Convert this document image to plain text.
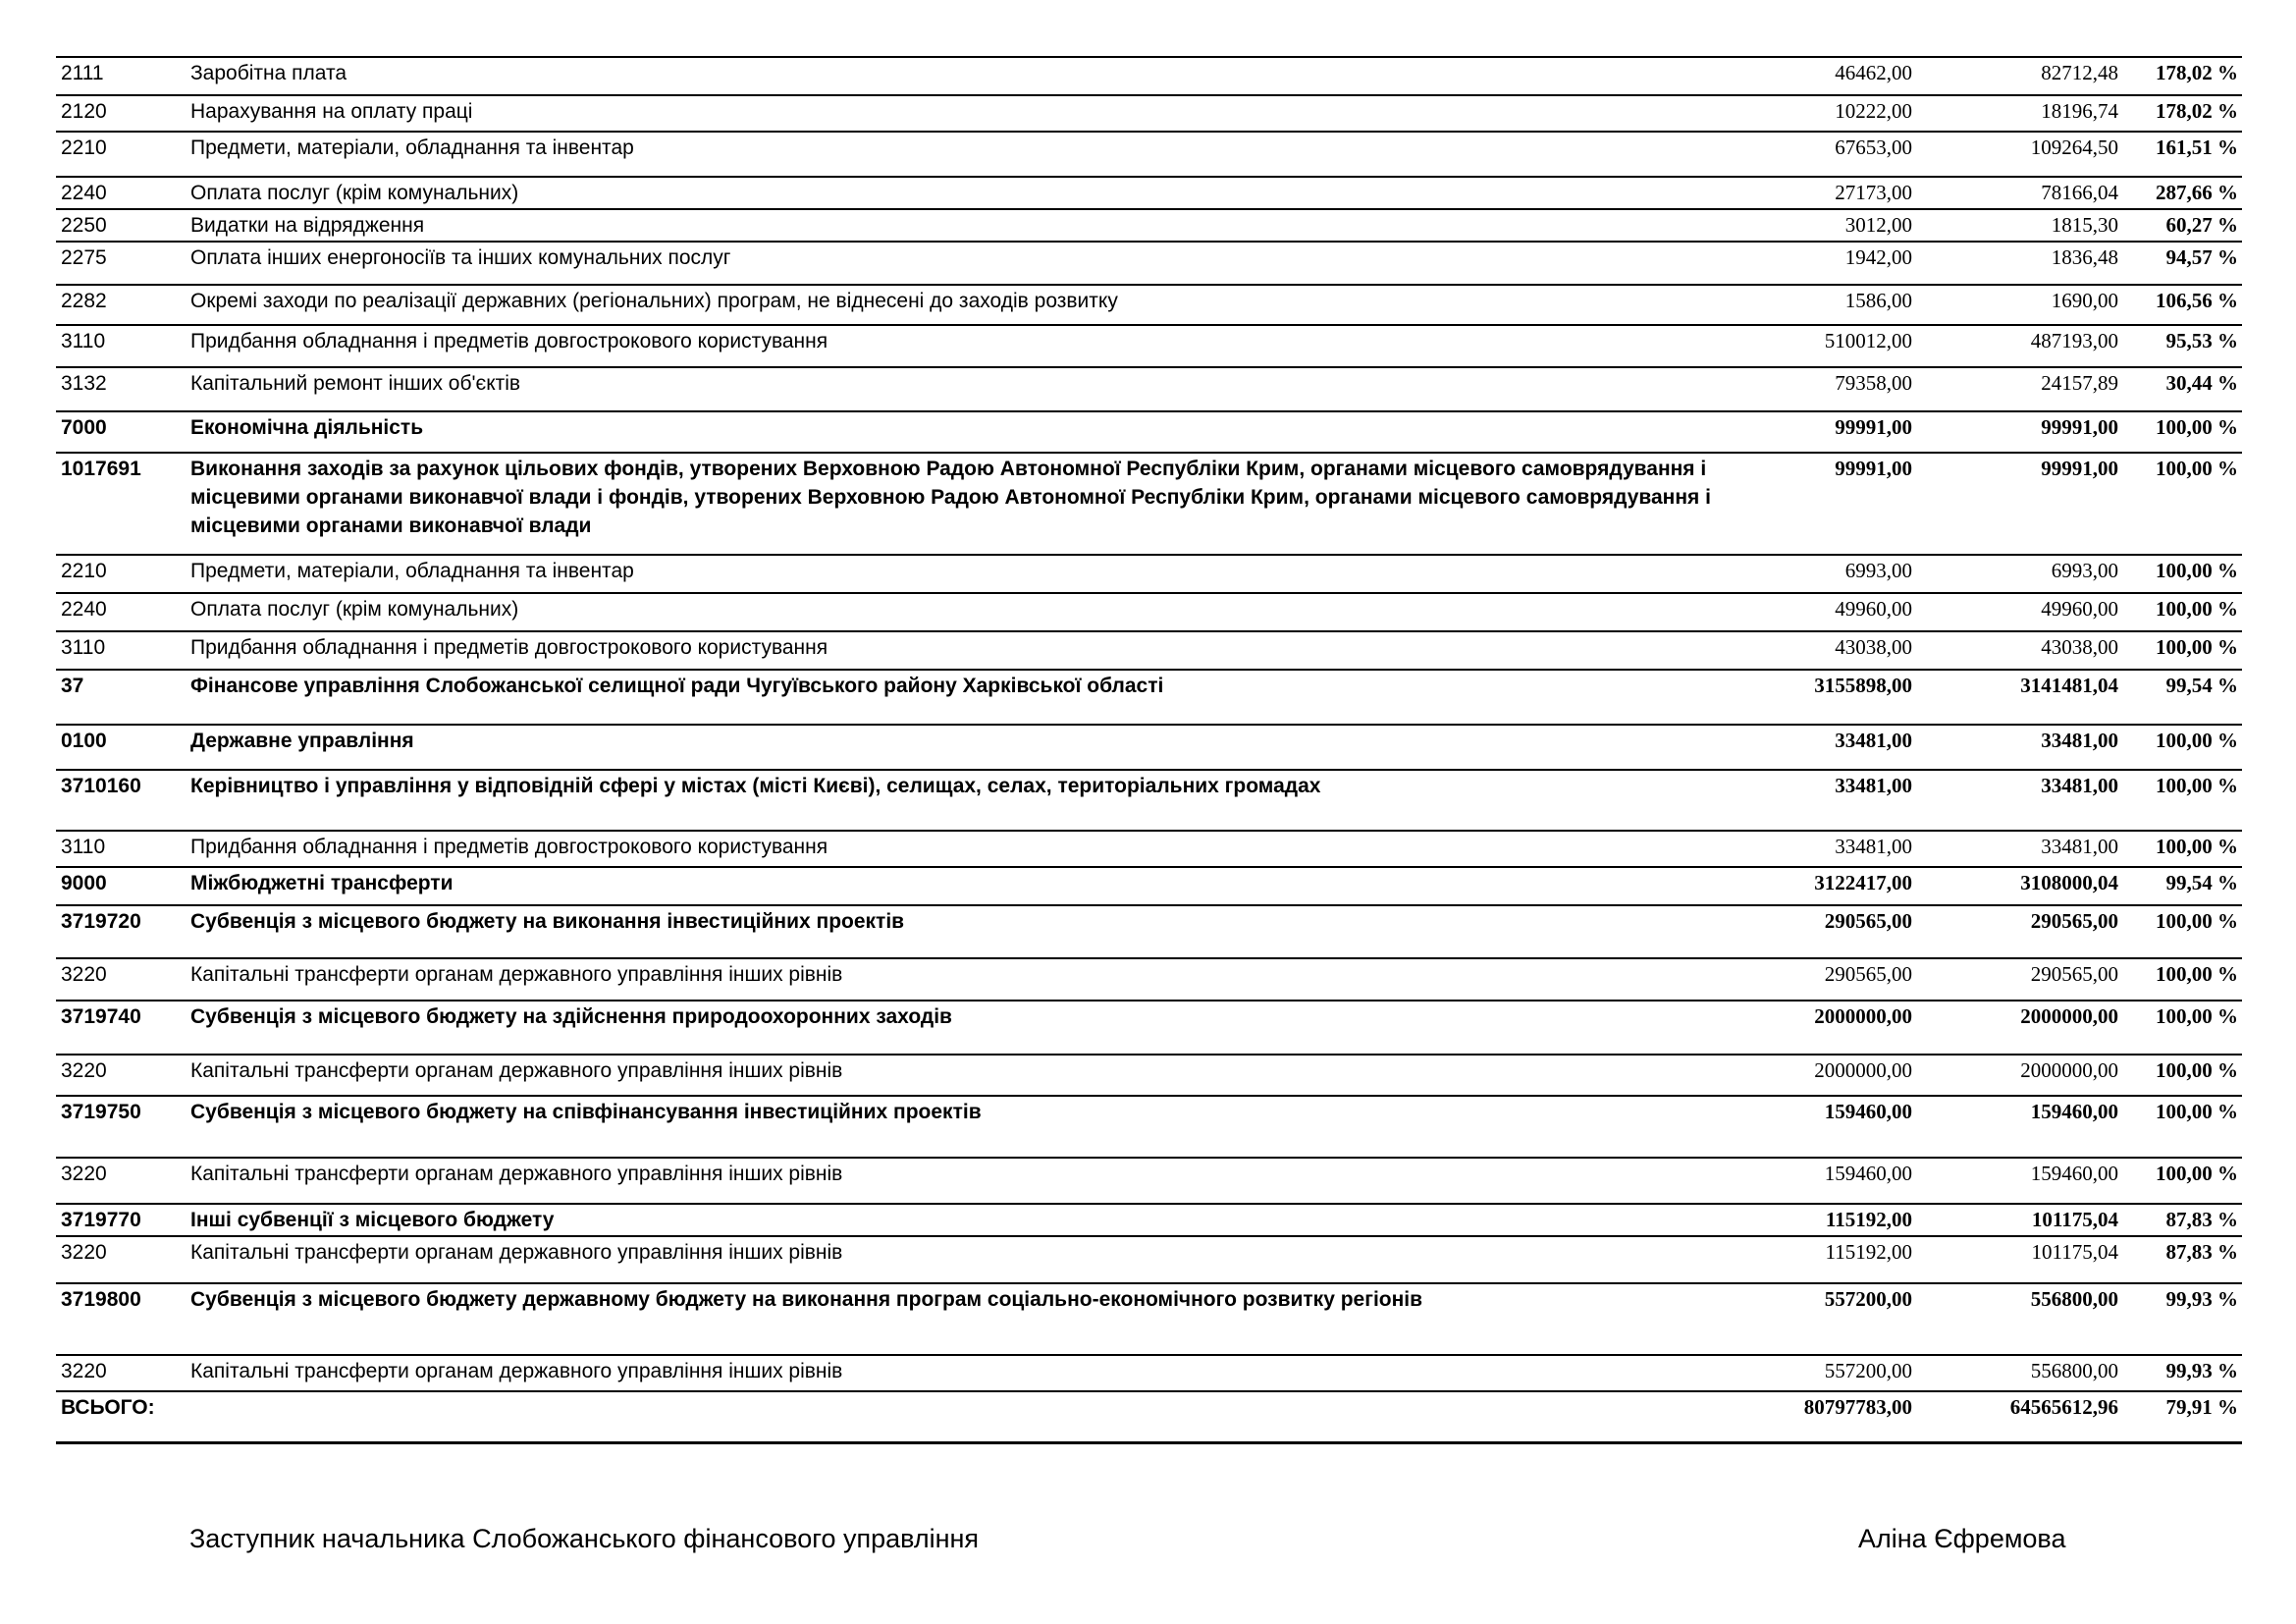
2111	Заробітна плата	46462,00	82712,48	178,02 %
2120	Нарахування на оплату праці	10222,00	18196,74	178,02 %
2210	Предмети, матеріали, обладнання та інвентар	67653,00	109264,50	161,51 %
2240	Оплата послуг (крім комунальних)	27173,00	78166,04	287,66 %
2250	Видатки на відрядження	3012,00	1815,30	60,27 %
2275	Оплата інших енергоносіїв та інших комунальних послуг	1942,00	1836,48	94,57 %
2282	Окремі заходи по реалізації державних (регіональних) програм, не віднесені до заходів розвитку	1586,00	1690,00	106,56 %
3110	Придбання обладнання і предметів довгострокового користування	510012,00	487193,00	95,53 %
3132	Капітальний ремонт інших об'єктів	79358,00	24157,89	30,44 %
7000	Економічна діяльність	99991,00	99991,00	100,00 %
1017691	Виконання заходів за рахунок цільових фондів, утворених Верховною Радою Автономної Республіки Крим, органами місцевого самоврядування і місцевими органами виконавчої влади і фондів, утворених Верховною Радою Автономної Республіки Крим, органами місцевого самоврядування і місцевими органами виконавчої влади	99991,00	99991,00	100,00 %
2210	Предмети, матеріали, обладнання та інвентар	6993,00	6993,00	100,00 %
2240	Оплата послуг (крім комунальних)	49960,00	49960,00	100,00 %
3110	Придбання обладнання і предметів довгострокового користування	43038,00	43038,00	100,00 %
37	Фінансове управління Слобожанської селищної ради Чугуївського району Харківської області	3155898,00	3141481,04	99,54 %
0100	Державне управління	33481,00	33481,00	100,00 %
3710160	Керівництво і управління у відповідній сфері у містах (місті Києві), селищах, селах, територіальних громадах	33481,00	33481,00	100,00 %
3110	Придбання обладнання і предметів довгострокового користування	33481,00	33481,00	100,00 %
9000	Міжбюджетні трансферти	3122417,00	3108000,04	99,54 %
3719720	Субвенція з місцевого бюджету на виконання інвестиційних проектів	290565,00	290565,00	100,00 %
3220	Капітальні трансферти органам державного управління інших рівнів	290565,00	290565,00	100,00 %
3719740	Субвенція з місцевого бюджету на здійснення природоохоронних заходів	2000000,00	2000000,00	100,00 %
3220	Капітальні трансферти органам державного управління інших рівнів	2000000,00	2000000,00	100,00 %
3719750	Субвенція з місцевого бюджету на співфінансування інвестиційних проектів	159460,00	159460,00	100,00 %
3220	Капітальні трансферти органам державного управління інших рівнів	159460,00	159460,00	100,00 %
3719770	Інші субвенції з місцевого бюджету	115192,00	101175,04	87,83 %
3220	Капітальні трансферти органам державного управління інших рівнів	115192,00	101175,04	87,83 %
3719800	Субвенція з місцевого бюджету державному бюджету на виконання програм соціально-економічного розвитку регіонів	557200,00	556800,00	99,93 %
3220	Капітальні трансферти органам державного управління інших рівнів	557200,00	556800,00	99,93 %
ВСЬОГО:		80797783,00	64565612,96	79,91 %
Заступник начальника Слобожанського фінансового управління	Аліна Єфремова
